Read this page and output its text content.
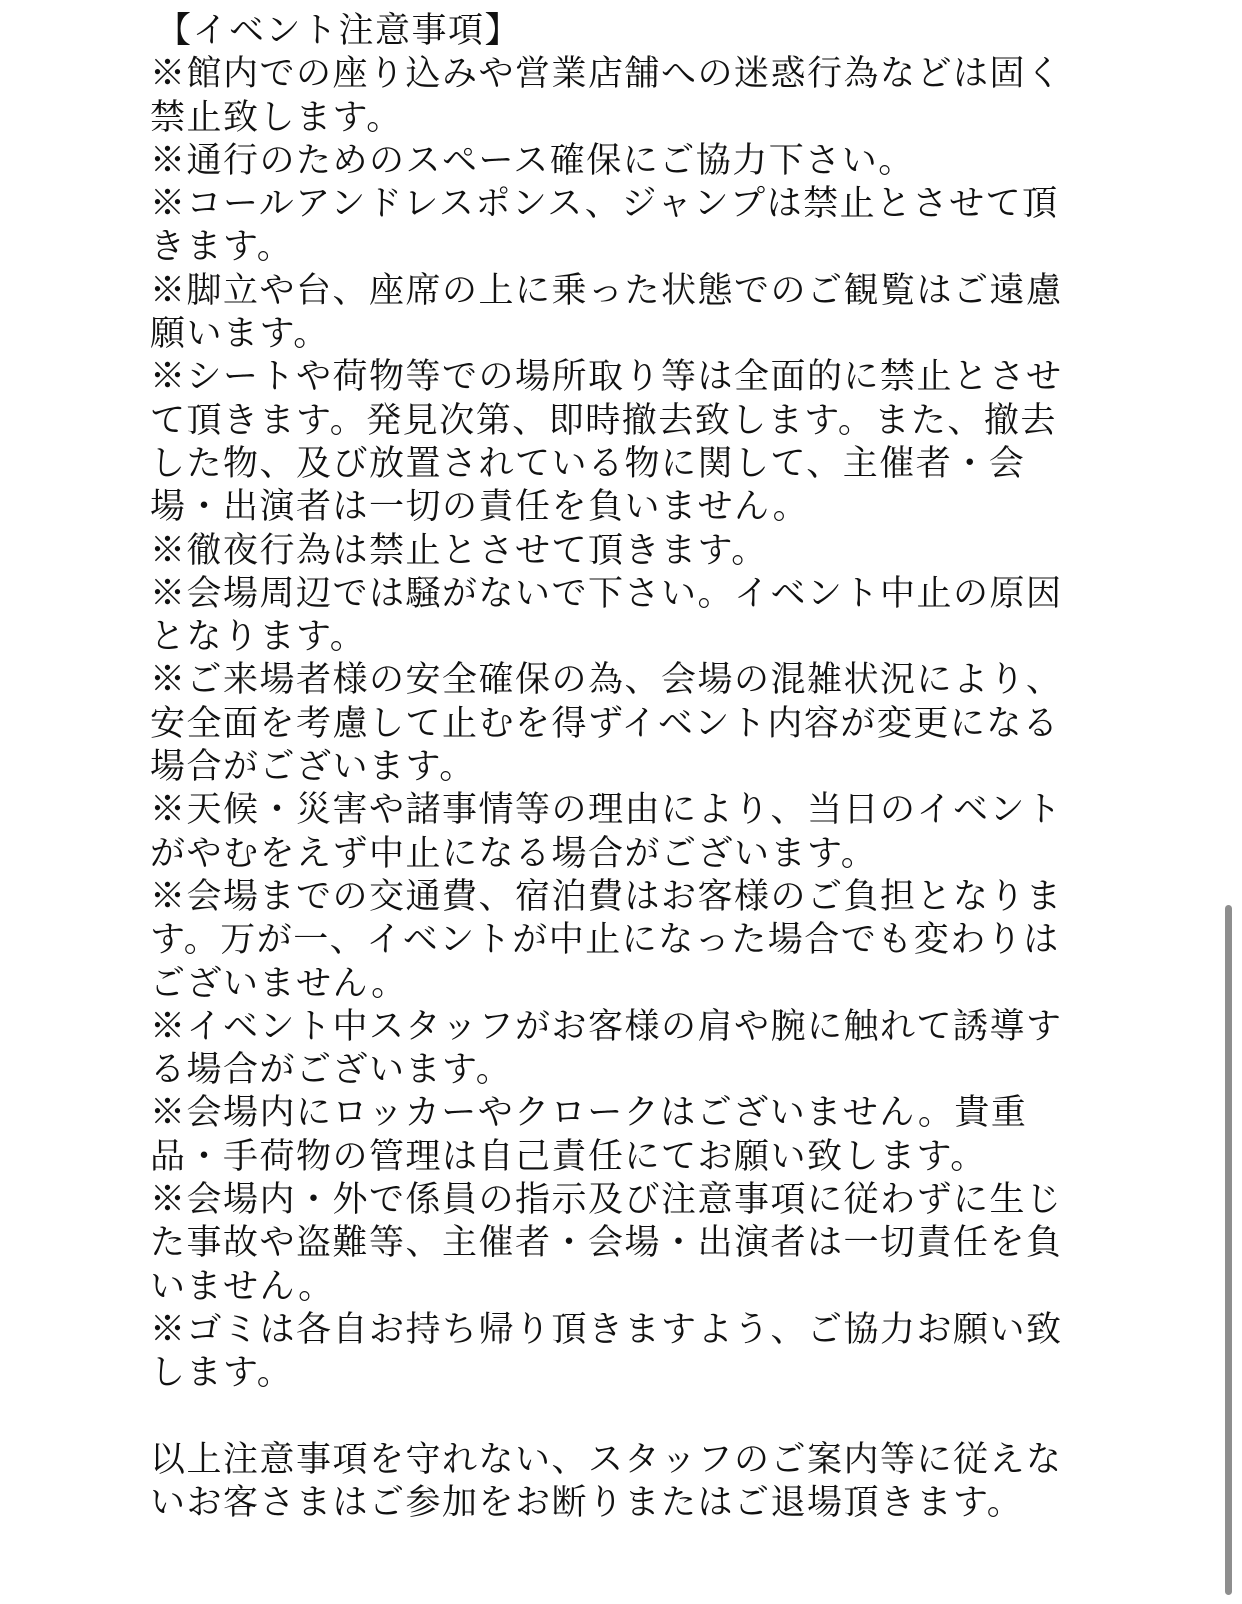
【イベント注意事項】
※館内での座り込みや営業店舗への迷惑行為などは固く
禁止致します。
※通行のためのスペース確保にご協力下さい。
※コールアンドレスポンス、ジャンプは禁止とさせて頂
きます。
※脚立や台、座席の上に乗った状態でのご観覧はご遠慮
願います。
※シートや荷物等での場所取り等は全面的に禁止とさせ
て頂きます。発見次第、即時撤去致します。また、撤去
した物、及び放置されている物に関して、主催者・会
場・出演者は一切の責任を負いません。
※徹夜行為は禁止とさせて頂きます。
※会場周辺では騒がないで下さい。イベント中止の原因
となります。
※ご来場者様の安全確保の為、会場の混雑状況により、
安全面を考慮して止むを得ずイベント内容が変更になる
場合がございます。
※天候・災害や諸事情等の理由により、当日のイベント
がやむをえず中止になる場合がございます。
※会場までの交通費、宿泊費はお客様のご負担となりま
す。万が一、イベントが中止になった場合でも変わりは
ございません。
※イベント中スタッフがお客様の肩や腕に触れて誘導す
る場合がございます。
※会場内にロッカーやクロークはございません。貴重
品・手荷物の管理は自己責任にてお願い致します。
※会場内・外で係員の指示及び注意事項に従わずに生じ
た事故や盗難等、主催者・会場・出演者は一切責任を負
いません。
※ゴミは各自お持ち帰り頂きますよう、ご協力お願い致
します。

以上注意事項を守れない、スタッフのご案内等に従えな
いお客さまはご参加をお断りまたはご退場頂きます。
